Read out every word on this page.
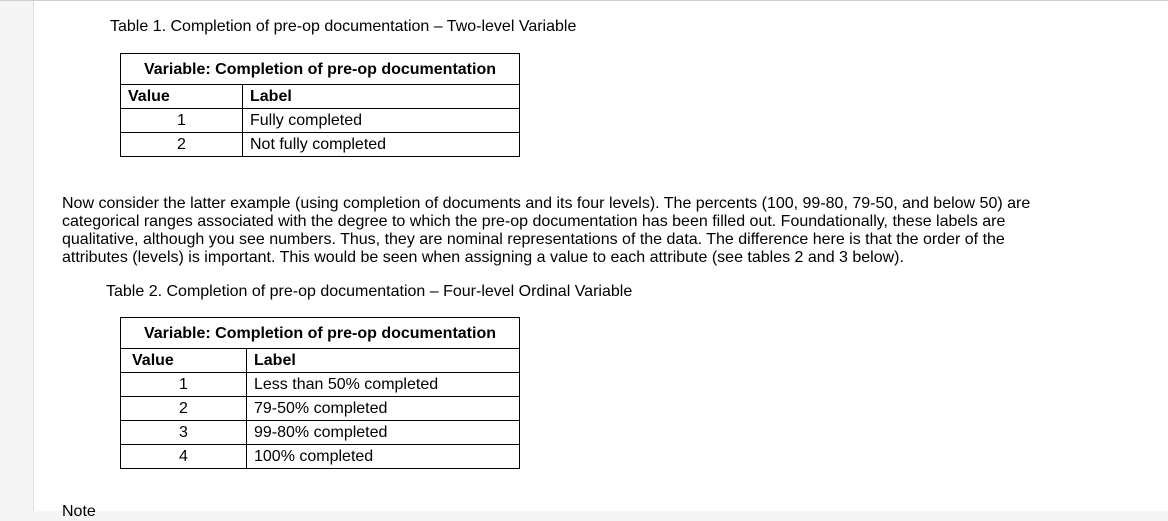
Table 1. Completion of pre-op documentation – Two-level Variable
Variable: Completion of pre-op documentation	
Value	Label
1	Fully completed
2	Not fully completed
Now consider the latter example (using completion of documents and its four levels). The percents (100, 99-80, 79-50, and below 50) are
categorical ranges associated with the degree to which the pre-op documentation has been filled out. Foundationally, these labels are
qualitative, although you see numbers. Thus, they are nominal representations of the data. The difference here is that the order of the
attributes (levels) is important. This would be seen when assigning a value to each attribute (see tables 2 and 3 below).
Table 2. Completion of pre-op documentation – Four-level Ordinal Variable
Variable: Completion of pre-op documentation	
Value	Label
1	Less than 50% completed
2	79-50% completed
3	99-80% completed
4	100% completed
Note
